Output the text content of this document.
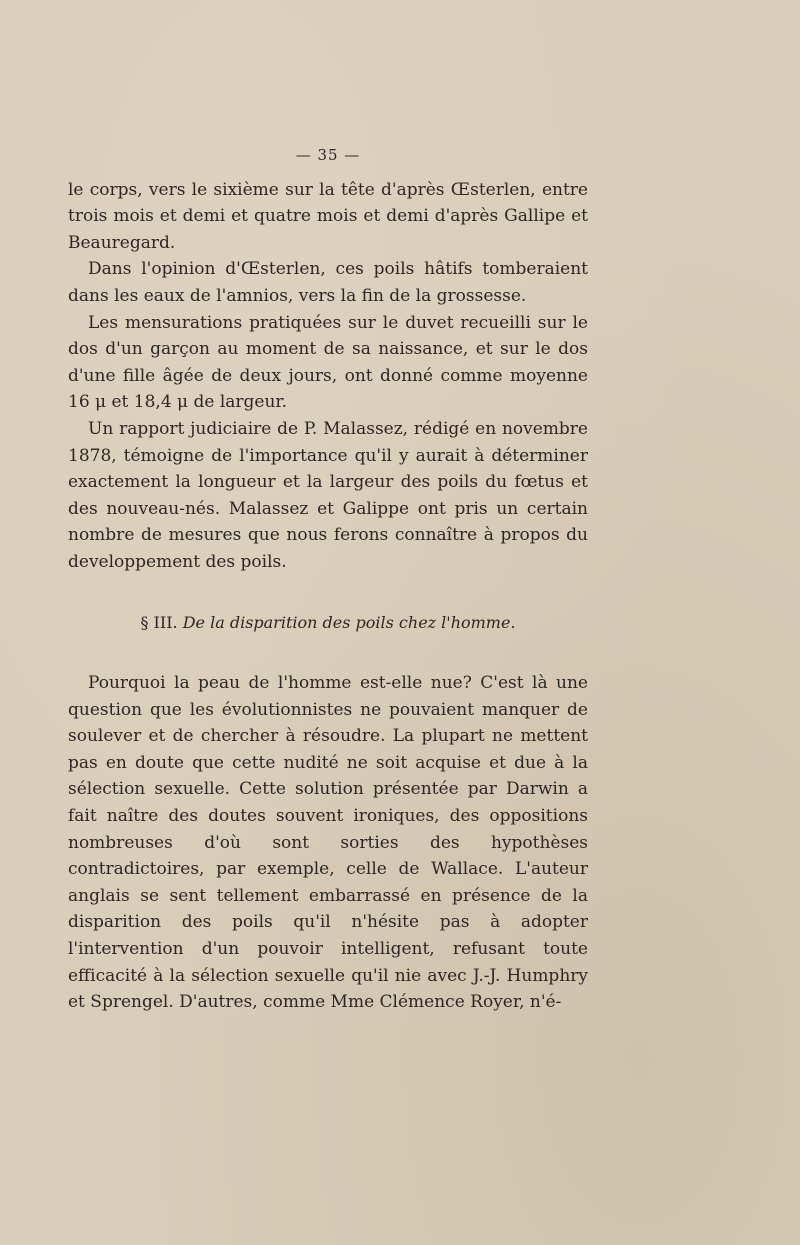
— 35 —

le corps, vers le sixième sur la tête d'après Œsterlen, entre trois mois et demi et quatre mois et demi d'après Gallipe et Beauregard.

Dans l'opinion d'Œsterlen, ces poils hâtifs tomberaient dans les eaux de l'amnios, vers la fin de la grossesse.

Les mensurations pratiquées sur le duvet recueilli sur le dos d'un garçon au moment de sa naissance, et sur le dos d'une fille âgée de deux jours, ont donné comme moyenne 16 μ et 18,4 μ de largeur.

Un rapport judiciaire de P. Malassez, rédigé en novembre 1878, témoigne de l'importance qu'il y aurait à déterminer exactement la longueur et la largeur des poils du fœtus et des nouveau-nés. Malassez et Galippe ont pris un certain nombre de mesures que nous ferons connaître à propos du developpement des poils.

§ III. De la disparition des poils chez l'homme.

Pourquoi la peau de l'homme est-elle nue? C'est là une question que les évolutionnistes ne pouvaient manquer de soulever et de chercher à résoudre. La plupart ne mettent pas en doute que cette nudité ne soit acquise et due à la sélection sexuelle. Cette solution présentée par Darwin a fait naître des doutes souvent ironiques, des oppositions nombreuses d'où sont sorties des hypothèses contradictoires, par exemple, celle de Wallace. L'auteur anglais se sent tellement embarrassé en présence de la disparition des poils qu'il n'hésite pas à adopter l'intervention d'un pouvoir intelligent, refusant toute efficacité à la sélection sexuelle qu'il nie avec J.-J. Humphry et Sprengel. D'autres, comme Mme Clémence Royer, n'é-
